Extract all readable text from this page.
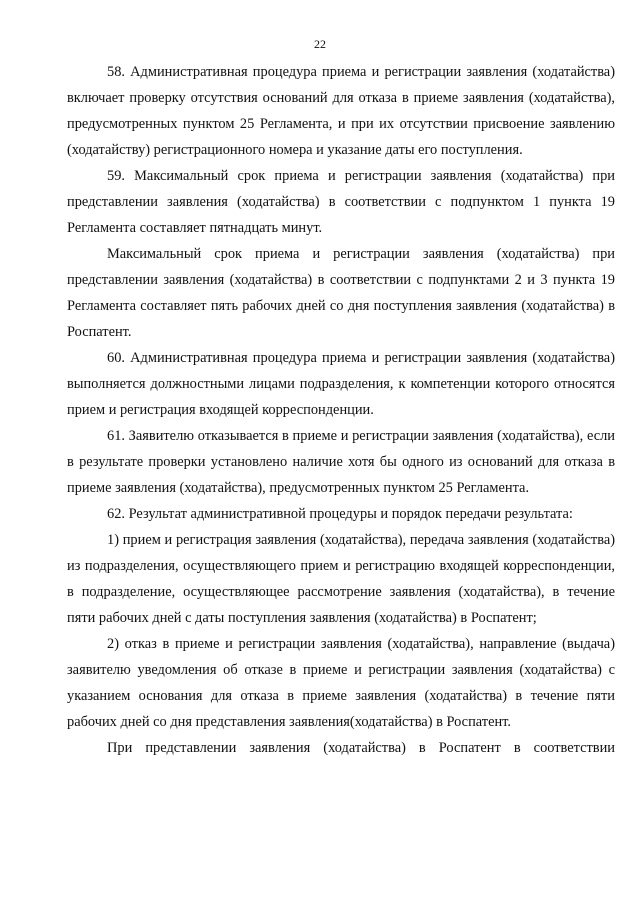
22

58. Административная процедура приема и регистрации заявления (ходатайства) включает проверку отсутствия оснований для отказа в приеме заявления (ходатайства), предусмотренных пунктом 25 Регламента, и при их отсутствии присвоение заявлению (ходатайству) регистрационного номера и указание даты его поступления.

59. Максимальный срок приема и регистрации заявления (ходатайства) при представлении заявления (ходатайства) в соответствии с подпунктом 1 пункта 19 Регламента составляет пятнадцать минут.

Максимальный срок приема и регистрации заявления (ходатайства) при представлении заявления (ходатайства) в соответствии с подпунктами 2 и 3 пункта 19 Регламента составляет пять рабочих дней со дня поступления заявления (ходатайства) в Роспатент.

60. Административная процедура приема и регистрации заявления (ходатайства) выполняется должностными лицами подразделения, к компетенции которого относятся прием и регистрация входящей корреспонденции.

61. Заявителю отказывается в приеме и регистрации заявления (ходатайства), если в результате проверки установлено наличие хотя бы одного из оснований для отказа в приеме заявления (ходатайства), предусмотренных пунктом 25 Регламента.

62. Результат административной процедуры и порядок передачи результата:

1) прием и регистрация заявления (ходатайства), передача заявления (ходатайства) из подразделения, осуществляющего прием и регистрацию входящей корреспонденции, в подразделение, осуществляющее рассмотрение заявления (ходатайства), в течение пяти рабочих дней с даты поступления заявления (ходатайства) в Роспатент;

2) отказ в приеме и регистрации заявления (ходатайства), направление (выдача) заявителю уведомления об отказе в приеме и регистрации заявления (ходатайства) с указанием основания для отказа в приеме заявления (ходатайства) в течение пяти рабочих дней со дня представления заявления(ходатайства) в Роспатент.

При представлении заявления (ходатайства) в Роспатент в соответствии
